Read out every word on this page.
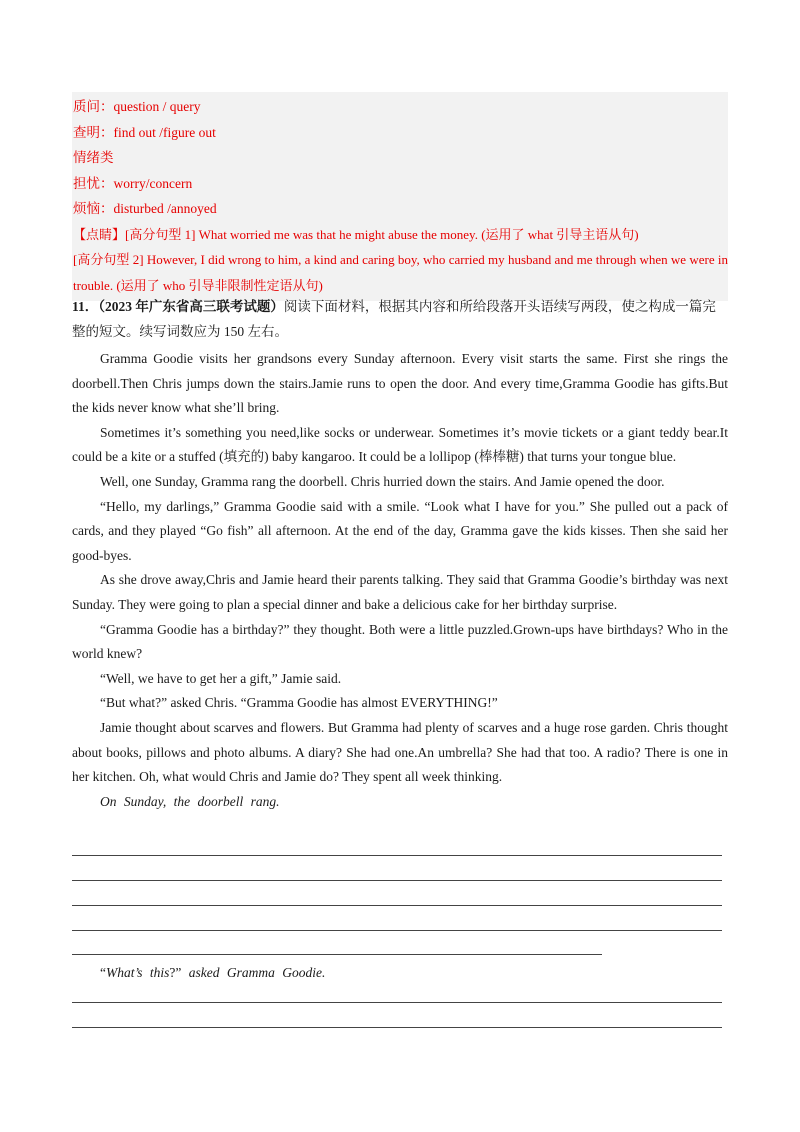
质问：question / query
查明：find out /figure out
情绪类
担忧：worry/concern
烦恼：disturbed /annoyed
【点睛】[高分句型 1] What worried me was that he might abuse the money. (运用了 what 引导主语从句)
[高分句型 2] However, I did wrong to him, a kind and caring boy, who carried my husband and me through when we were in trouble. (运用了 who 引导非限制性定语从句)
11．（2023 年广东省高三联考试题）阅读下面材料，根据其内容和所给段落开头语续写两段，使之构成一篇完整的短文。续写词数应为 150 左右。

Gramma Goodie visits her grandsons every Sunday afternoon. Every visit starts the same. First she rings the doorbell.Then Chris jumps down the stairs.Jamie runs to open the door. And every time,Gramma Goodie has gifts.But the kids never know what she’ll bring.

Sometimes it’s something you need,like socks or underwear. Sometimes it’s movie tickets or a giant teddy bear.It could be a kite or a stuffed (填充的) baby kangaroo. It could be a lollipop (棒棒糖) that turns your tongue blue.

Well, one Sunday, Gramma rang the doorbell. Chris hurried down the stairs. And Jamie opened the door.

“Hello, my darlings,” Gramma Goodie said with a smile. “Look what I have for you.” She pulled out a pack of cards, and they played “Go fish” all afternoon. At the end of the day, Gramma gave the kids kisses. Then she said her good-byes.

As she drove away,Chris and Jamie heard their parents talking. They said that Gramma Goodie’s birthday was next Sunday. They were going to plan a special dinner and bake a delicious cake for her birthday surprise.

“Gramma Goodie has a birthday?” they thought. Both were a little puzzled.Grown-ups have birthdays? Who in the world knew?

“Well, we have to get her a gift,” Jamie said.

“But what?” asked Chris. “Gramma Goodie has almost EVERYTHING!”

Jamie thought about scarves and flowers. But Gramma had plenty of scarves and a huge rose garden. Chris thought about books, pillows and photo albums. A diary? She had one.An umbrella? She had that too. A radio? There is one in her kitchen. Oh, what would Chris and Jamie do? They spent all week thinking.

On Sunday, the doorbell rang.

“What’s this?” asked Gramma Goodie.
